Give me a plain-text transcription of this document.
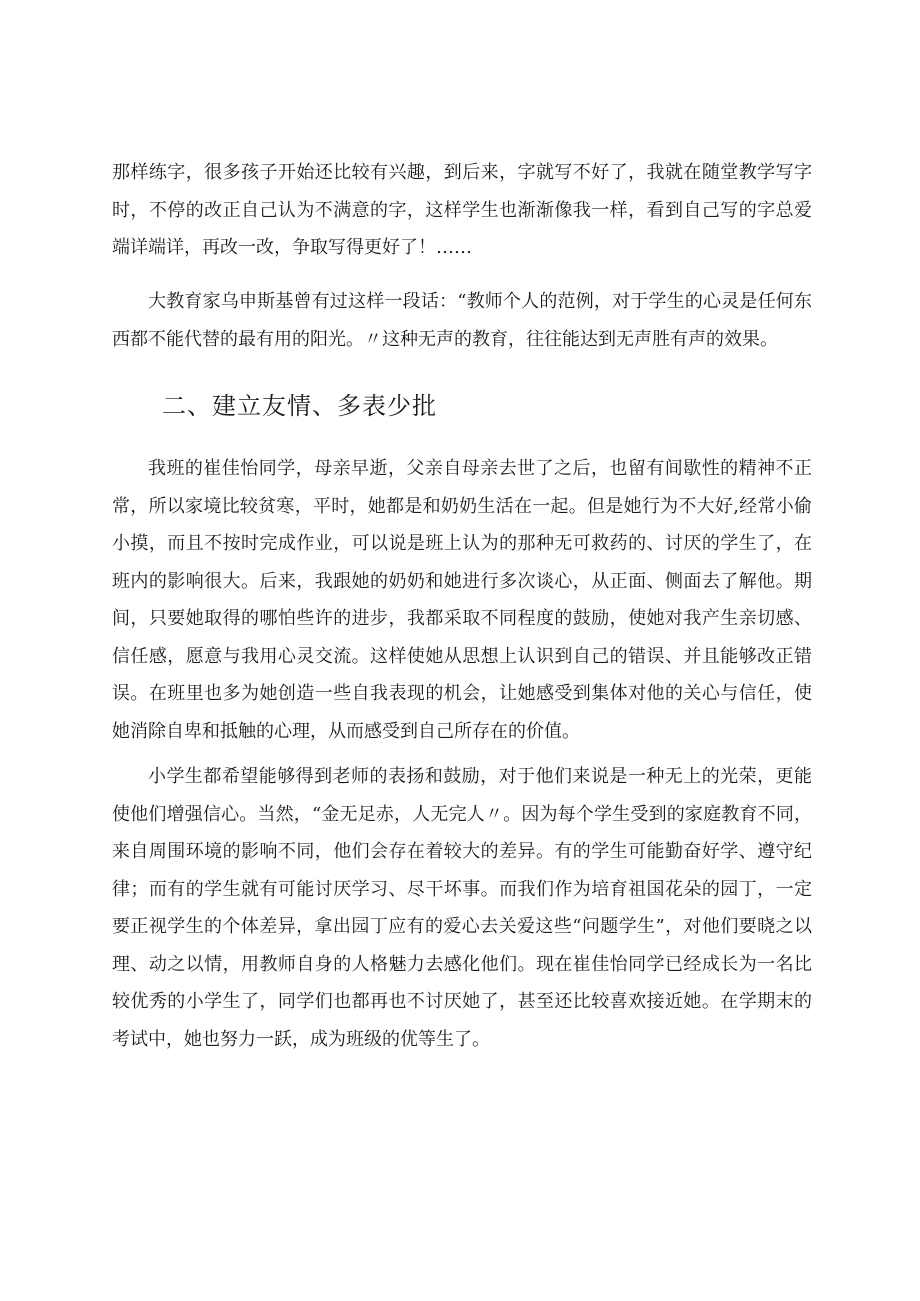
那样练字，很多孩子开始还比较有兴趣，到后来，字就写不好了，我就在随堂教学写字时，不停的改正自己认为不满意的字，这样学生也渐渐像我一样，看到自己写的字总爱端详端详，再改一改，争取写得更好了！……

大教育家乌申斯基曾有过这样一段话：“教师个人的范例，对于学生的心灵是任何东西都不能代替的最有用的阳光。〃这种无声的教育，往往能达到无声胜有声的效果。

二、建立友情、多表少批

我班的崔佳怡同学，母亲早逝，父亲自母亲去世了之后，也留有间歇性的精神不正常，所以家境比较贫寒，平时，她都是和奶奶生活在一起。但是她行为不大好,经常小偷小摸，而且不按时完成作业，可以说是班上认为的那种无可救药的、讨厌的学生了，在班内的影响很大。后来，我跟她的奶奶和她进行多次谈心，从正面、侧面去了解他。期间，只要她取得的哪怕些许的进步，我都采取不同程度的鼓励，使她对我产生亲切感、信任感，愿意与我用心灵交流。这样使她从思想上认识到自己的错误、并且能够改正错误。在班里也多为她创造一些自我表现的机会，让她感受到集体对他的关心与信任，使她消除自卑和抵触的心理，从而感受到自己所存在的价值。

小学生都希望能够得到老师的表扬和鼓励，对于他们来说是一种无上的光荣，更能使他们增强信心。当然，“金无足赤，人无完人〃。因为每个学生受到的家庭教育不同，来自周围环境的影响不同，他们会存在着较大的差异。有的学生可能勤奋好学、遵守纪律；而有的学生就有可能讨厌学习、尽干坏事。而我们作为培育祖国花朵的园丁，一定要正视学生的个体差异，拿出园丁应有的爱心去关爱这些“问题学生”，对他们要晓之以理、动之以情，用教师自身的人格魅力去感化他们。现在崔佳怡同学已经成长为一名比较优秀的小学生了，同学们也都再也不讨厌她了，甚至还比较喜欢接近她。在学期末的考试中，她也努力一跃，成为班级的优等生了。
